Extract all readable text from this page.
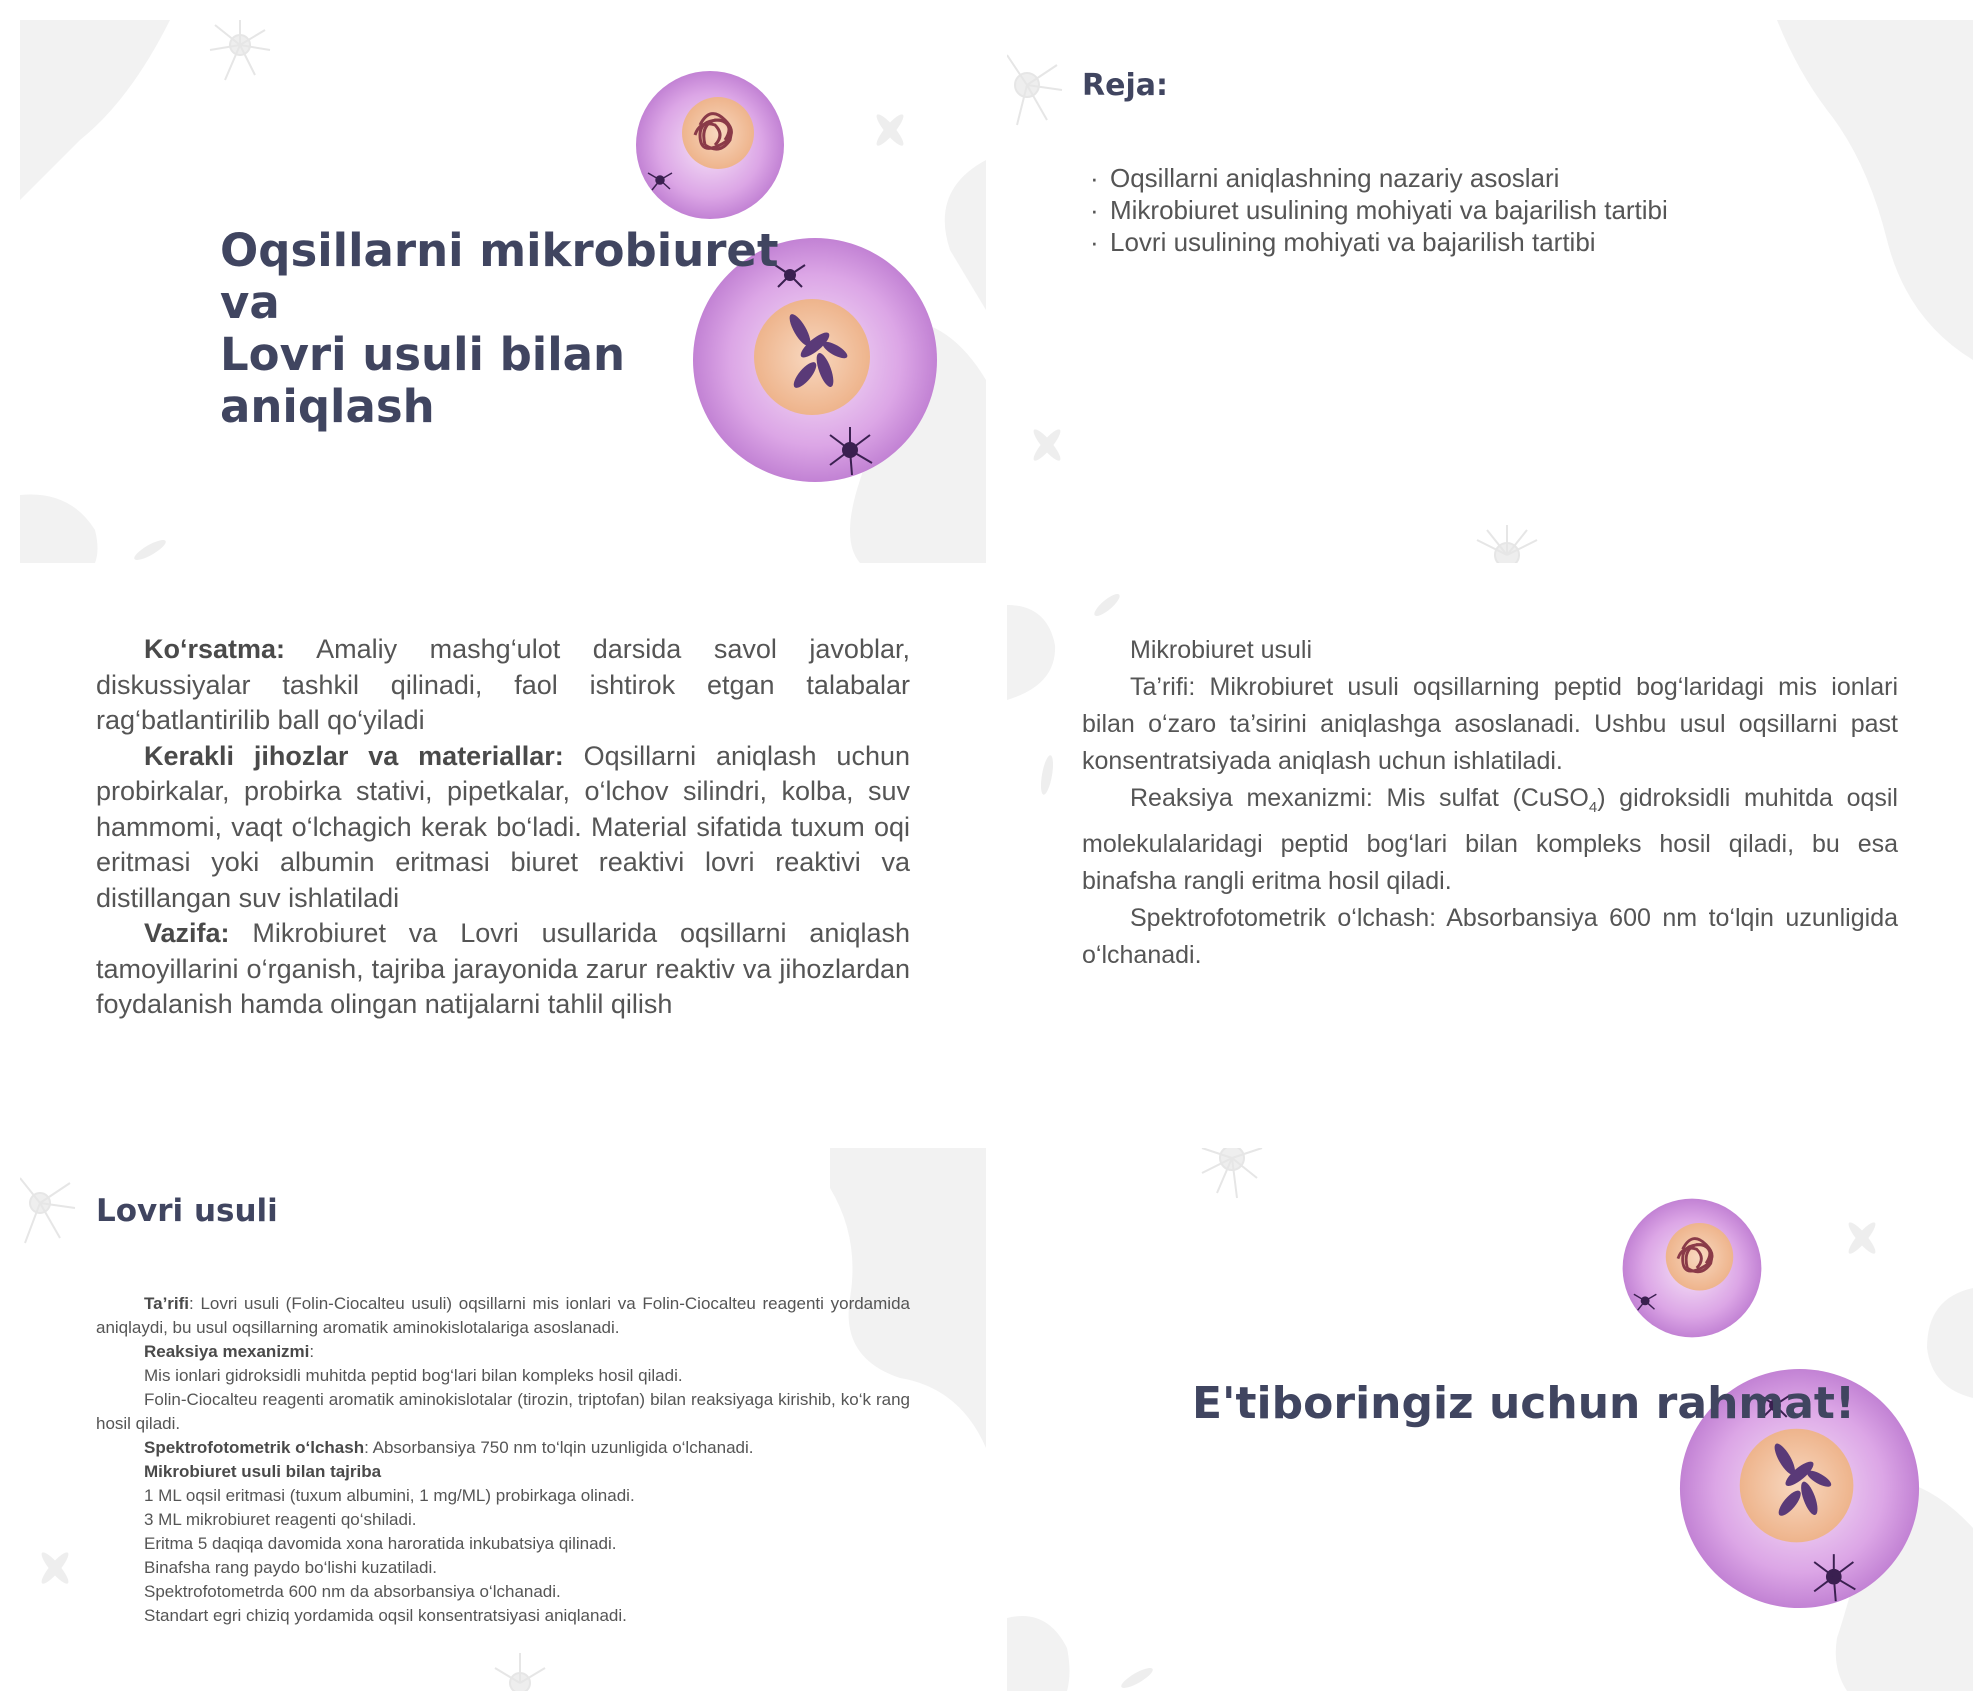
Oqsillarni mikrobiuret va
Lovri usuli bilan aniqlash
Reja:
· Oqsillarni aniqlashning nazariy asoslari
· Mikrobiuret usulining mohiyati va bajarilish tartibi
· Lovri usulining mohiyati va bajarilish tartibi

Ko‘rsatma: Amaliy mashg‘ulot darsida savol javoblar, diskussiyalar tashkil qilinadi, faol ishtirok etgan talabalar rag‘batlantirilib ball qo‘yiladi

Kerakli jihozlar va materiallar: Oqsillarni aniqlash uchun probirkalar, probirka stativi, pipetkalar, o‘lchov silindri, kolba, suv hammomi, vaqt o‘lchagich kerak bo‘ladi. Material sifatida tuxum oqi eritmasi yoki albumin eritmasi biuret reaktivi lovri reaktivi va distillangan suv ishlatiladi

Vazifa: Mikrobiuret va Lovri usullarida oqsillarni aniqlash tamoyillarini o‘rganish, tajriba jarayonida zarur reaktiv va jihozlardan foydalanish hamda olingan natijalarni tahlil qilish

Mikrobiuret usuli

Ta’rifi: Mikrobiuret usuli oqsillarning peptid bog‘laridagi mis ionlari bilan o‘zaro ta’sirini aniqlashga asoslanadi. Ushbu usul oqsillarni past konsentratsiyada aniqlash uchun ishlatiladi.

Reaksiya mexanizmi: Mis sulfat (CuSO$_4$) gidroksidli muhitda oqsil molekulalaridagi peptid bog‘lari bilan kompleks hosil qiladi, bu esa binafsha rangli eritma hosil qiladi.

Spektrofotometrik o‘lchash: Absorbansiya 600 nm to‘lqin uzunligida o‘lchanadi.

Lovri usuli

Ta’rifi: Lovri usuli (Folin-Ciocalteu usuli) oqsillarni mis ionlari va Folin-Ciocalteu reagenti yordamida aniqlaydi, bu usul oqsillarning aromatik aminokislotalariga asoslanadi.

Reaksiya mexanizmi:

Mis ionlari gidroksidli muhitda peptid bog‘lari bilan kompleks hosil qiladi.

Folin-Ciocalteu reagenti aromatik aminokislotalar (tirozin, triptofan) bilan reaksiyaga kirishib, ko‘k rang hosil qiladi.

Spektrofotometrik o‘lchash: Absorbansiya 750 nm to‘lqin uzunligida o‘lchanadi.

Mikrobiuret usuli bilan tajriba

1 ML oqsil eritmasi (tuxum albumini, 1 mg/ML) probirkaga olinadi.

3 ML mikrobiuret reagenti qo‘shiladi.

Eritma 5 daqiqa davomida xona haroratida inkubatsiya qilinadi.

Binafsha rang paydo bo‘lishi kuzatiladi.

Spektrofotometrda 600 nm da absorbansiya o‘lchanadi.

Standart egri chiziq yordamida oqsil konsentratsiyasi aniqlanadi.

E'tiboringiz uchun rahmat!
